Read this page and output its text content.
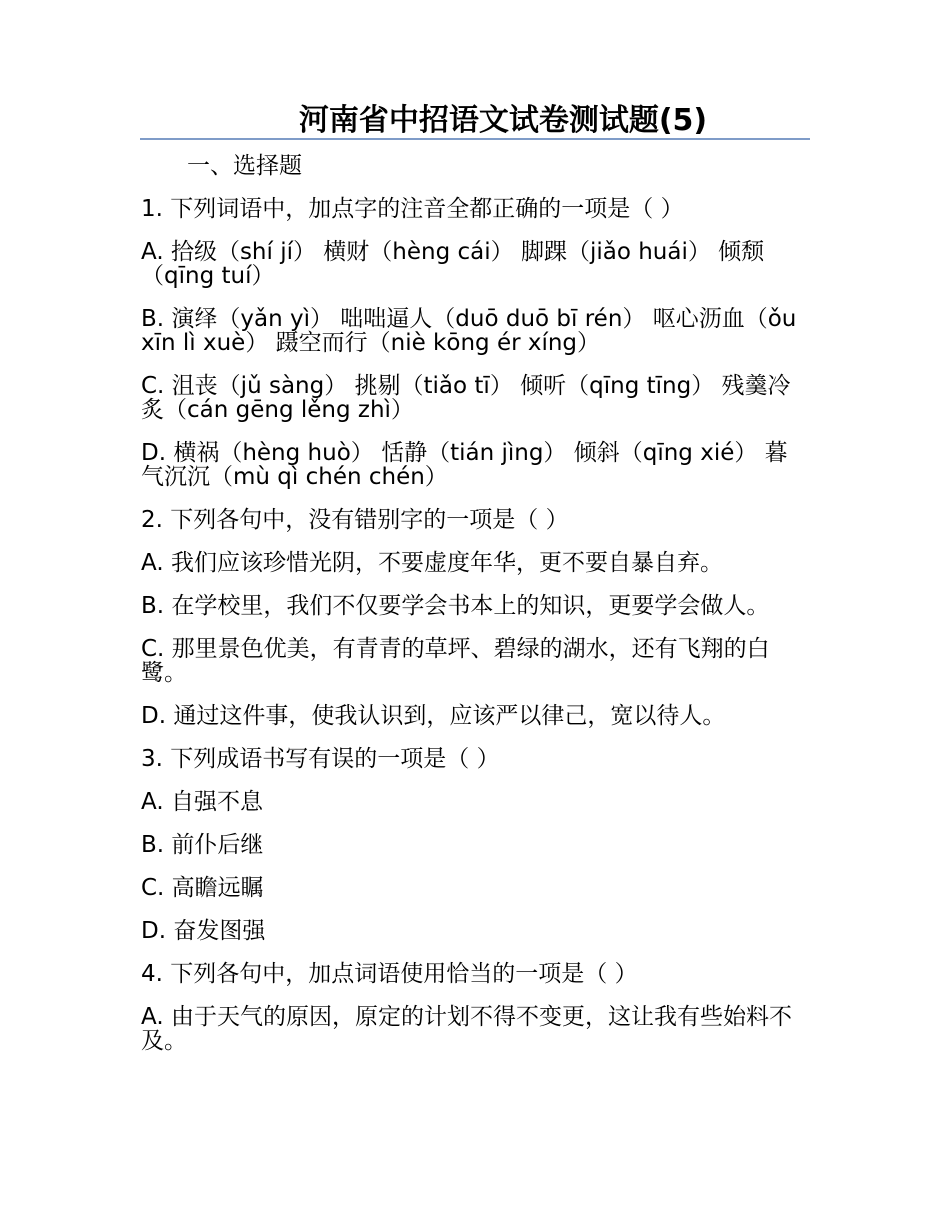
河南省中招语文试卷测试题(5)
一、选择题
1. 下列词语中，加点字的注音全都正确的一项是（ ）
A. 拾级（shí jí） 横财（hèng cái） 脚踝（jiǎo huái） 倾颓（qīng tuí）
B. 演绎（yǎn yì） 咄咄逼人（duō duō bī rén） 呕心沥血（ǒu xīn lì xuè） 蹑空而行（niè kōng ér xíng）
C. 沮丧（jǔ sàng） 挑剔（tiǎo tī） 倾听（qīng tīng） 残羹冷炙（cán gēng lěng zhì）
D. 横祸（hèng huò） 恬静（tián jìng） 倾斜（qīng xié） 暮气沉沉（mù qì chén chén）
2. 下列各句中，没有错别字的一项是（ ）
A. 我们应该珍惜光阴，不要虚度年华，更不要自暴自弃。
B. 在学校里，我们不仅要学会书本上的知识，更要学会做人。
C. 那里景色优美，有青青的草坪、碧绿的湖水，还有飞翔的白鹭。
D. 通过这件事，使我认识到，应该严以律己，宽以待人。
3. 下列成语书写有误的一项是（ ）
A. 自强不息
B. 前仆后继
C. 高瞻远瞩
D. 奋发图强
4. 下列各句中，加点词语使用恰当的一项是（ ）
A. 由于天气的原因，原定的计划不得不变更，这让我有些始料不及。
